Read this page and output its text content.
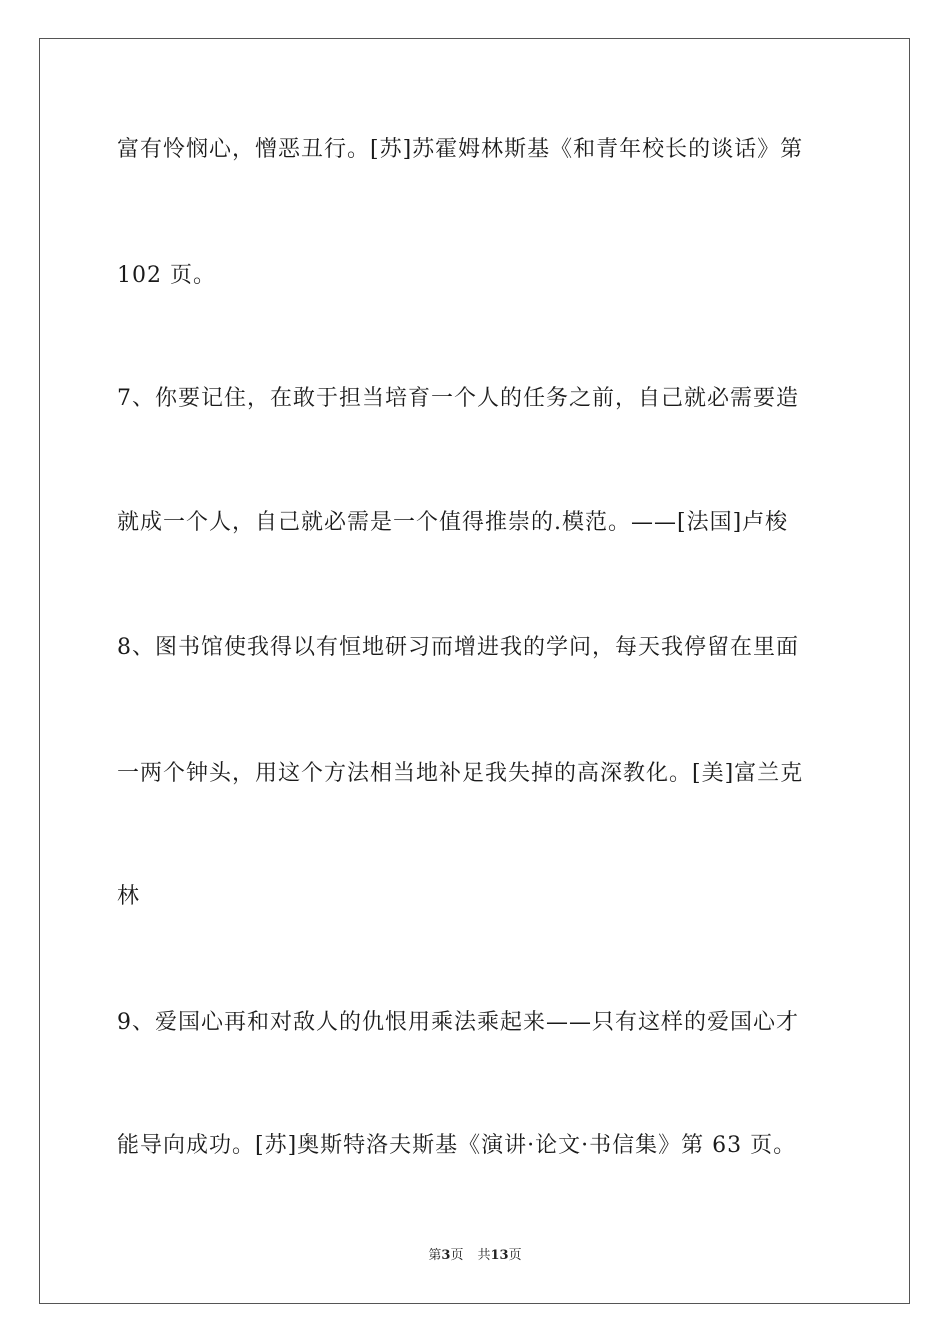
富有怜悯心，憎恶丑行。[苏]苏霍姆林斯基《和青年校长的谈话》第
102 页。
7、你要记住，在敢于担当培育一个人的任务之前，自己就必需要造
就成一个人，自己就必需是一个值得推崇的.模范。——[法国]卢梭
8、图书馆使我得以有恒地研习而增进我的学问，每天我停留在里面
一两个钟头，用这个方法相当地补足我失掉的高深教化。[美]富兰克
林
9、爱国心再和对敌人的仇恨用乘法乘起来——只有这样的爱国心才
能导向成功。[苏]奥斯特洛夫斯基《演讲·论文·书信集》第 63 页。
第3页 共13页
